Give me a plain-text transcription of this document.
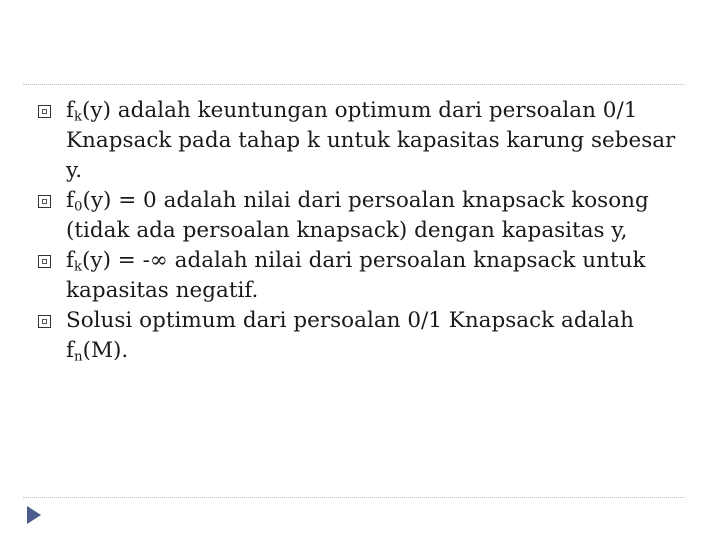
$f_k(y)$ adalah keuntungan optimum dari persoalan 0/1 Knapsack pada tahap k untuk kapasitas karung sebesar y.

$f_0(y) = 0$ adalah nilai dari persoalan knapsack kosong (tidak ada persoalan knapsack) dengan kapasitas y,

$f_k(y)$ = -∞ adalah nilai dari persoalan knapsack untuk kapasitas negatif.

Solusi optimum dari persoalan 0/1 Knapsack adalah $f_n(M)$.
